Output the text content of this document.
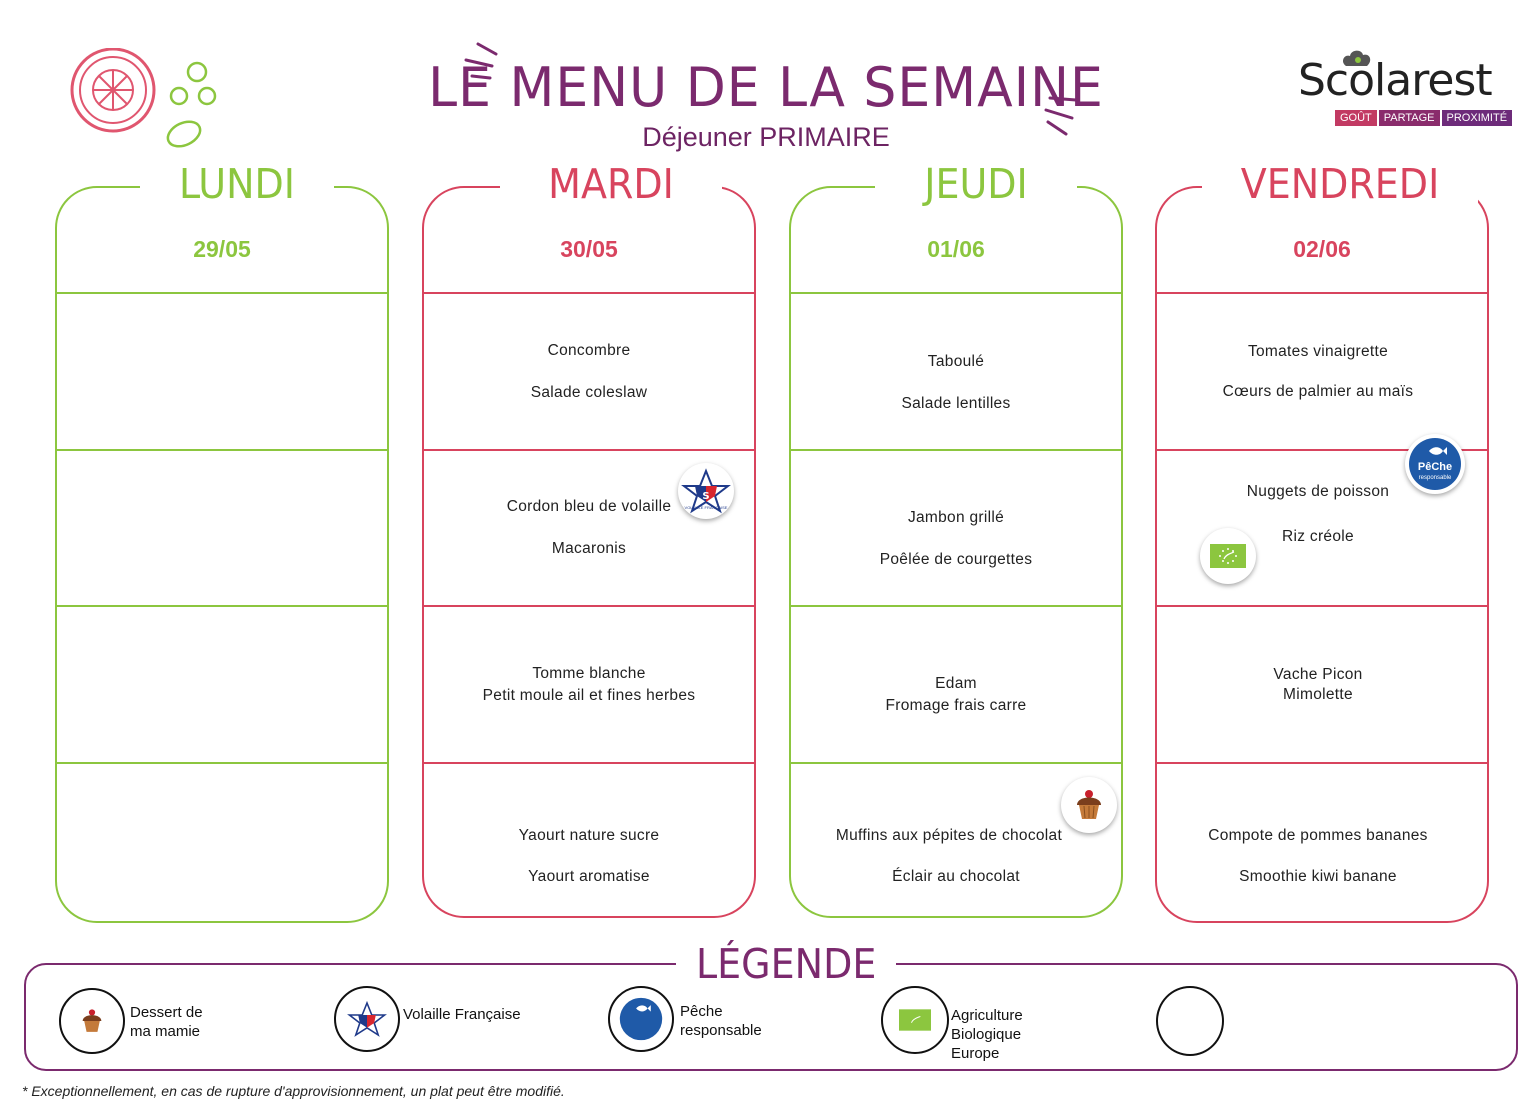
LE MENU DE LA SEMAINE
Déjeuner PRIMAIRE
Scolarest
GOÛT	PARTAGE	PROXIMITÉ
LUNDI
29/05
MARDI
30/05
Concombre
Salade coleslaw
Cordon bleu de volaille
Macaronis
Tomme blanche
Petit moule ail et fines herbes
Yaourt nature sucre
Yaourt aromatise
S
VOLAILLE FRANÇAISE
JEUDI
01/06
Taboulé
Salade lentilles
Jambon grillé
Poêlée de courgettes
Edam
Fromage frais carre
Muffins aux pépites de chocolat
Éclair au chocolat
VENDREDI
02/06
Tomates vinaigrette
Cœurs de palmier au maïs
Nuggets de poisson
Riz créole
Vache Picon
Mimolette
Compote de pommes bananes
Smoothie kiwi banane
PêChe
responsable
LÉGENDE
Dessert de
ma mamie
Volaille Française	Pêche
responsable
Agriculture
Biologique
Europe
* Exceptionnellement, en cas de rupture d'approvisionnement, un plat peut être modifié.
